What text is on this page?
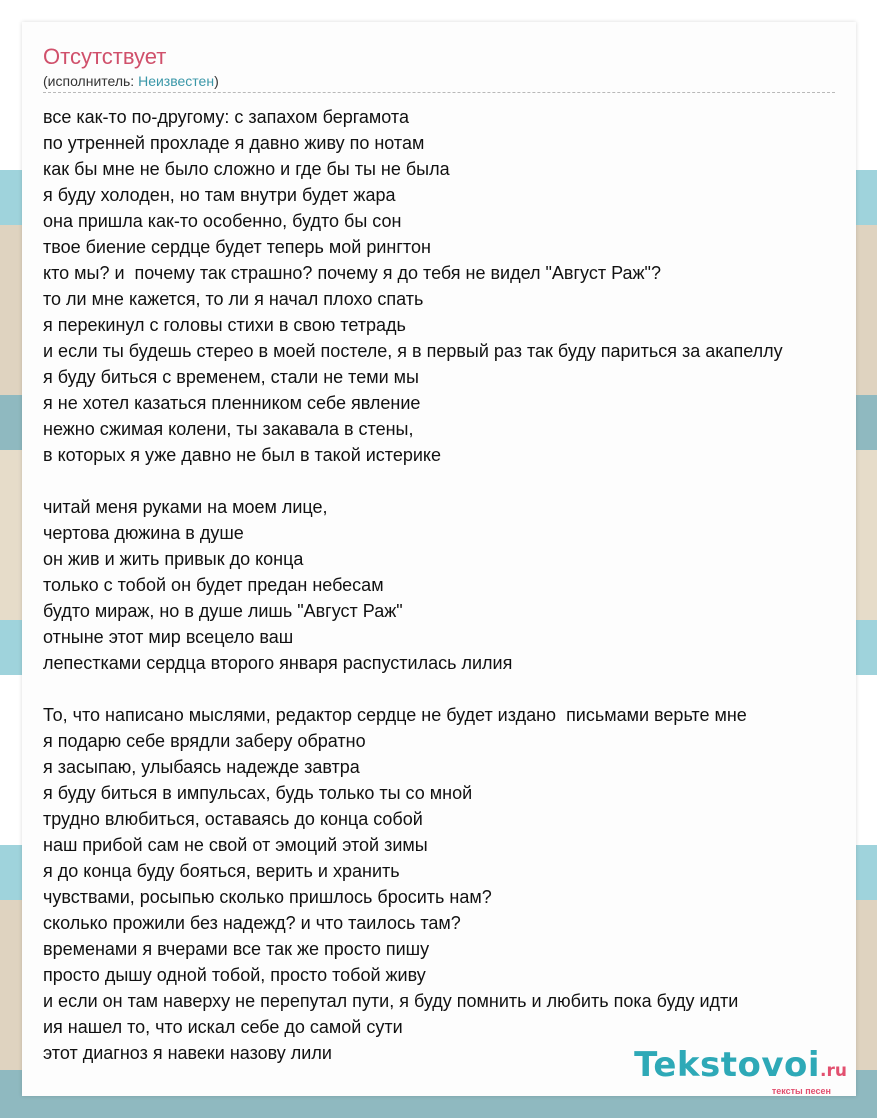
Отсутствует
(исполнитель: Неизвестен)
все как-то по-другому: с запахом бергамота
по утренней прохладе я давно живу по нотам
как бы мне не было сложно и где бы ты не была
я буду холоден, но там внутри будет жара
она пришла как-то особенно, будто бы сон
твое биение сердце будет теперь мой рингтон
кто мы? и  почему так страшно? почему я до тебя не видел "Август Раж"?
то ли мне кажется, то ли я начал плохо спать
я перекинул с головы стихи в свою тетрадь
и если ты будешь стерео в моей постеле, я в первый раз так буду париться за акапеллу
я буду биться с временем, стали не теми мы
я не хотел казаться пленником себе явление
нежно сжимая колени, ты закавала в стены,
в которых я уже давно не был в такой истерике
читай меня руками на моем лице,
чертова дюжина в душе
он жив и жить привык до конца
только с тобой он будет предан небесам
будто мираж, но в душе лишь "Август Раж"
отныне этот мир всецело ваш
лепестками сердца второго января распустилась лилия
То, что написано мыслями, редактор сердце не будет издано  письмами верьте мне
я подарю себе врядли заберу обратно
я засыпаю, улыбаясь надежде завтра
я буду биться в импульсах, будь только ты со мной
трудно влюбиться, оставаясь до конца собой
наш прибой сам не свой от эмоций этой зимы
я до конца буду бояться, верить и хранить
чувствами, росыпью сколько пришлось бросить нам?
сколько прожили без надежд? и что таилось там?
временами я вчерами все так же просто пишу
просто дышу одной тобой, просто тобой живу
и если он там наверху не перепутал пути, я буду помнить и любить пока буду идти
ия нашел то, что искал себе до самой сути
этот диагноз я навеки назову лили	Tekstovoi.ru
тексты песен
